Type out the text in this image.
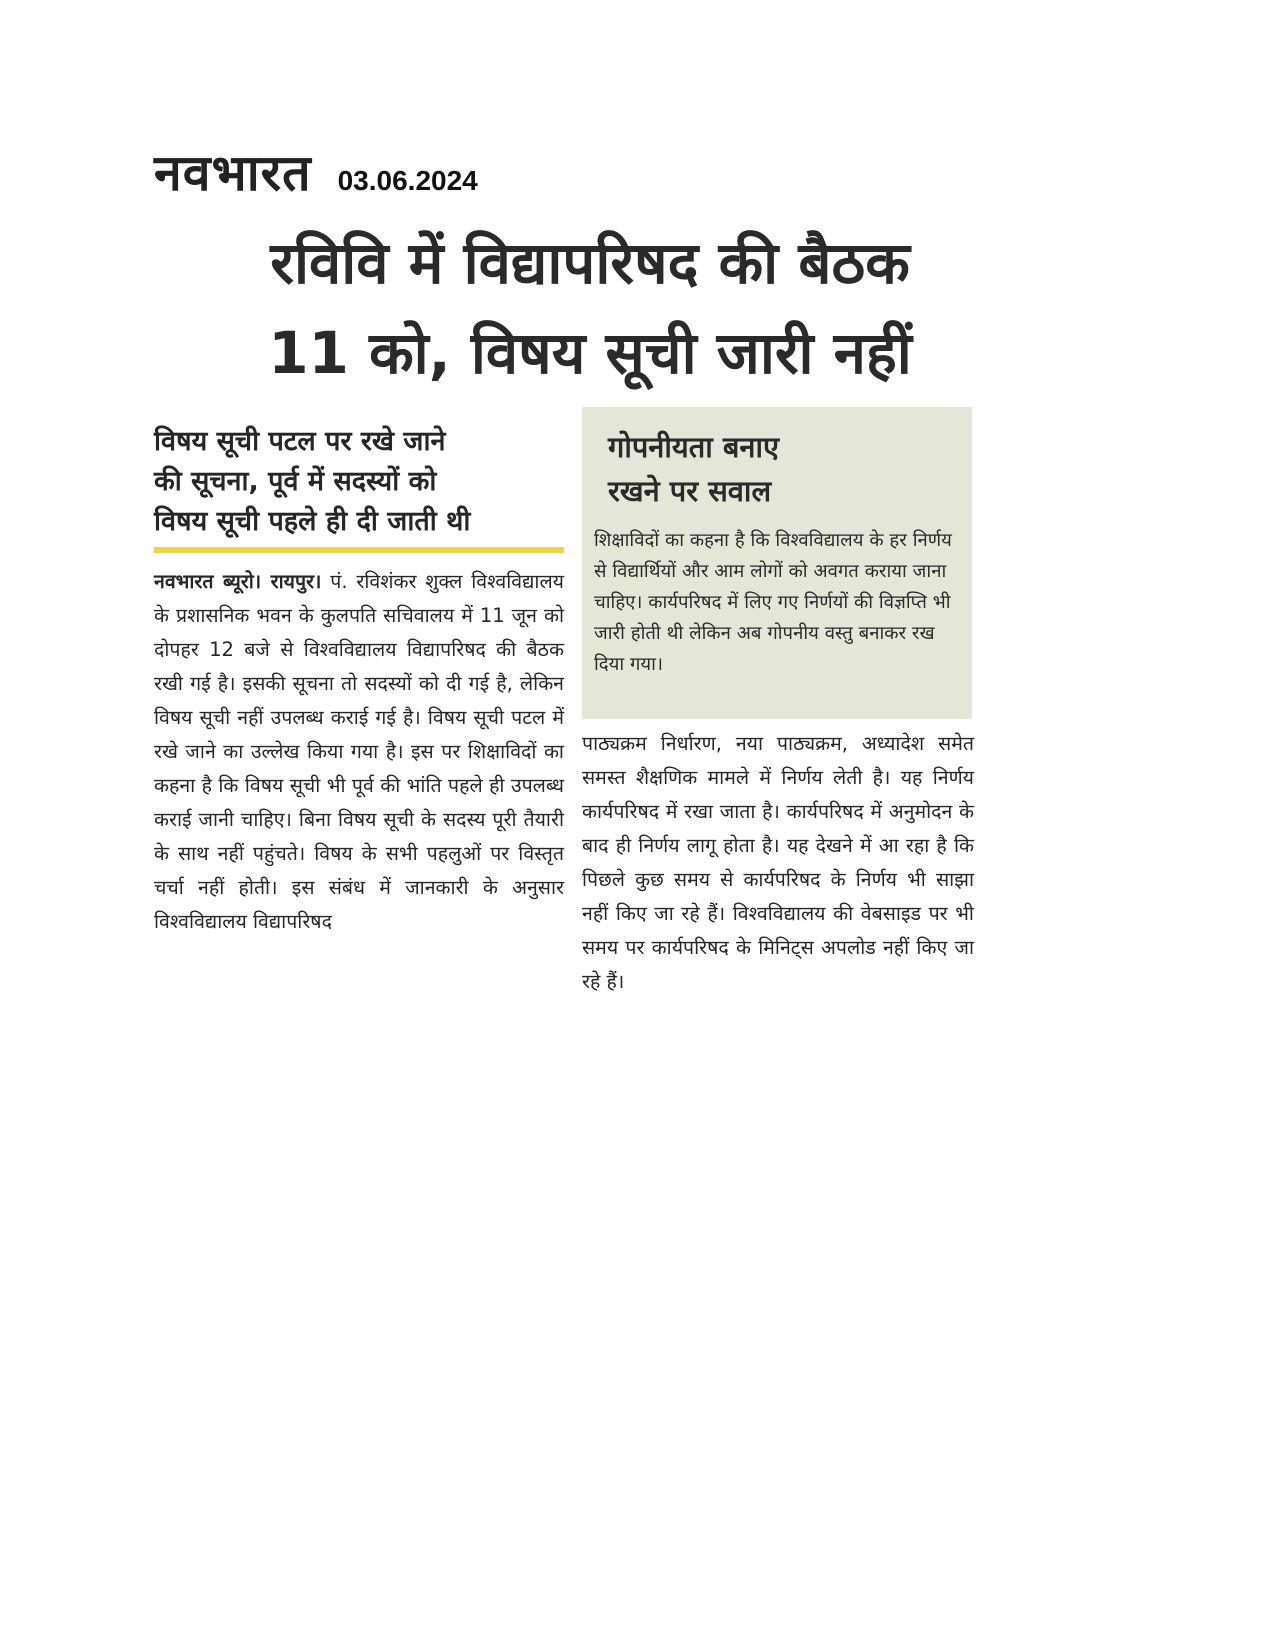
नवभारत 03.06.2024
रविवि में विद्यापरिषद की बैठक
11 को, विषय सूची जारी नहीं
विषय सूची पटल पर रखे जाने
की सूचना, पूर्व में सदस्यों को
विषय सूची पहले ही दी जाती थी
नवभारत ब्यूरो। रायपुर। पं. रविशंकर शुक्ल विश्वविद्यालय के प्रशासनिक भवन के कुलपति सचिवालय में 11 जून को दोपहर 12 बजे से विश्वविद्यालय विद्यापरिषद की बैठक रखी गई है। इसकी सूचना तो सदस्यों को दी गई है, लेकिन विषय सूची नहीं उपलब्ध कराई गई है। विषय सूची पटल में रखे जाने का उल्लेख किया गया है। इस पर शिक्षाविदों का कहना है कि विषय सूची भी पूर्व की भांति पहले ही उपलब्ध कराई जानी चाहिए। बिना विषय सूची के सदस्य पूरी तैयारी के साथ नहीं पहुंचते। विषय के सभी पहलुओं पर विस्तृत चर्चा नहीं होती। इस संबंध में जानकारी के अनुसार विश्वविद्यालय विद्यापरिषद
गोपनीयता बनाए
रखने पर सवाल
शिक्षाविदों का कहना है कि विश्वविद्यालय के हर निर्णय से विद्यार्थियों और आम लोगों को अवगत कराया जाना चाहिए। कार्यपरिषद में लिए गए निर्णयों की विज्ञप्ति भी जारी होती थी लेकिन अब गोपनीय वस्तु बनाकर रख दिया गया।
पाठ्यक्रम निर्धारण, नया पाठ्यक्रम, अध्यादेश समेत समस्त शैक्षणिक मामले में निर्णय लेती है। यह निर्णय कार्यपरिषद में रखा जाता है। कार्यपरिषद में अनुमोदन के बाद ही निर्णय लागू होता है। यह देखने में आ रहा है कि पिछले कुछ समय से कार्यपरिषद के निर्णय भी साझा नहीं किए जा रहे हैं। विश्वविद्यालय की वेबसाइड पर भी समय पर कार्यपरिषद के मिनिट्स अपलोड नहीं किए जा रहे हैं।
